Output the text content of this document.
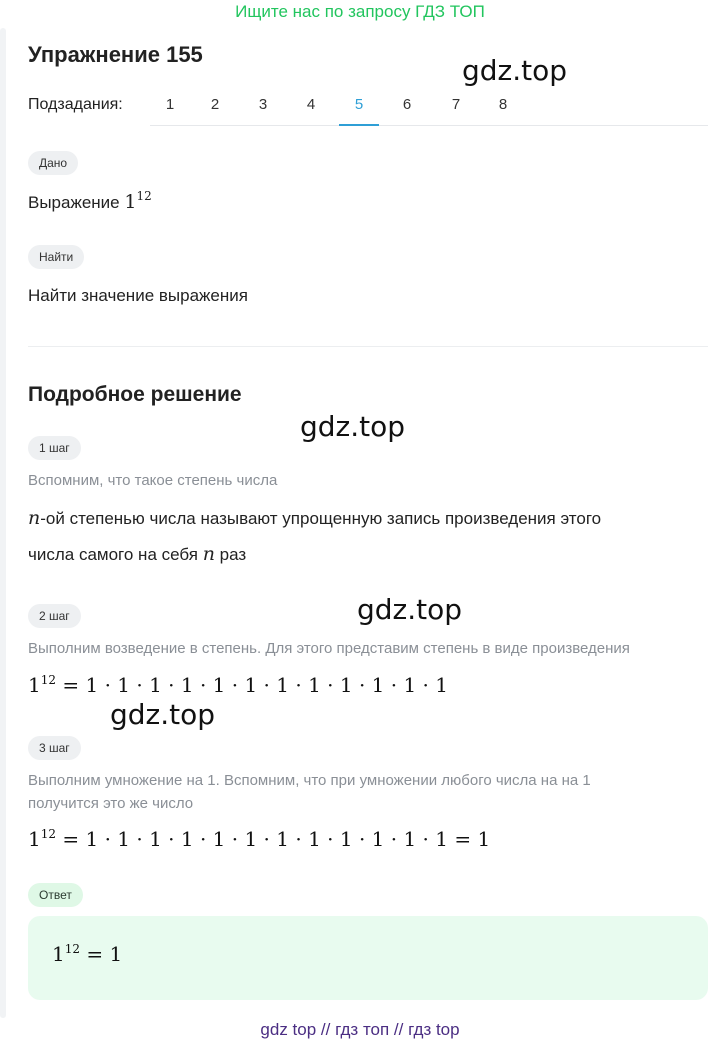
Ищите нас по запросу ГДЗ ТОП
Упражнение 155	gdz.top
Подзадания:	1	2	3	4	5	6	7	8
Дано
Выражение $1^{12}$
Найти
Найти значение выражения
Подробное решение
gdz.top
1 шаг
Вспомним, что такое степень числа
n-ой степенью числа называют упрощенную запись произведения этого
числа самого на себя n раз
2 шаг	gdz.top
Выполним возведение в степень. Для этого представим степень в виде произведения
$1^{12} = 1 \cdot 1 \cdot 1 \cdot 1 \cdot 1 \cdot 1 \cdot 1 \cdot 1 \cdot 1 \cdot 1 \cdot 1 \cdot 1$
gdz.top
3 шаг
Выполним умножение на 1. Вспомним, что при умножении любого числа на на 1
получится это же число
$1^{12} = 1 \cdot 1 \cdot 1 \cdot 1 \cdot 1 \cdot 1 \cdot 1 \cdot 1 \cdot 1 \cdot 1 \cdot 1 \cdot 1 = 1$
Ответ
$1^{12} = 1$
gdz top // гдз топ // гдз top
